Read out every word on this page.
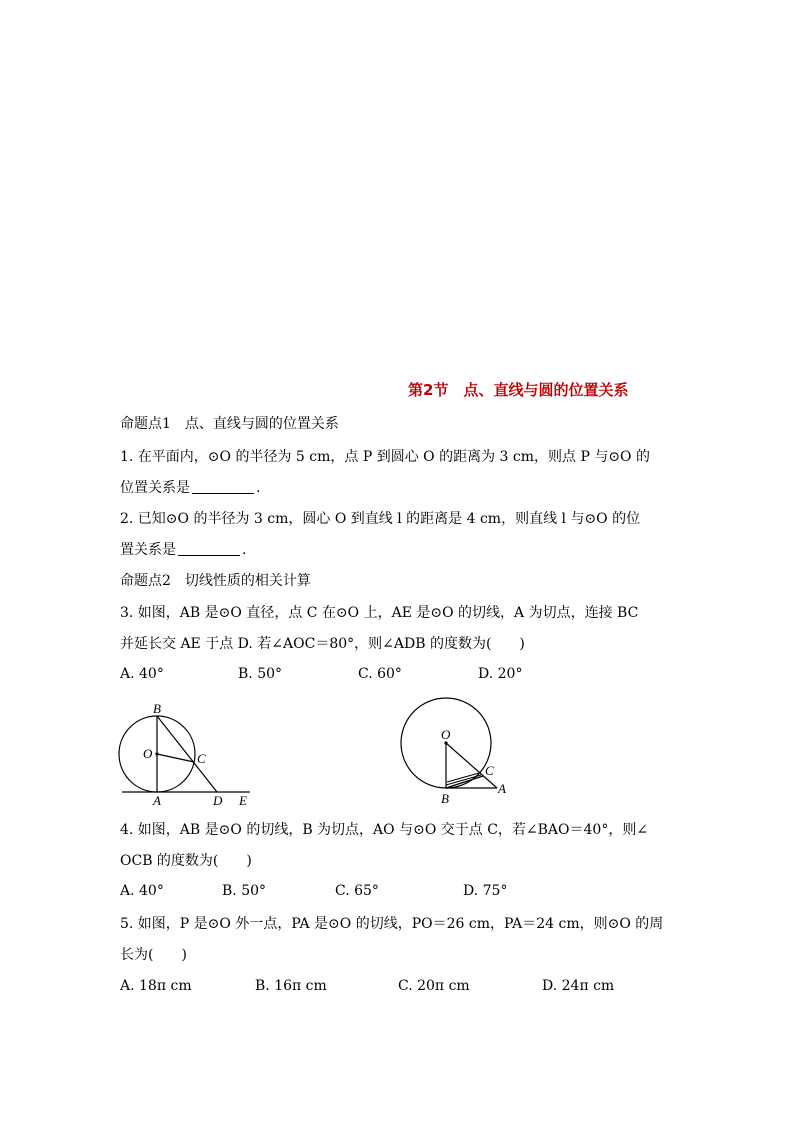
第2节　点、直线与圆的位置关系
命题点1　点、直线与圆的位置关系
1. 在平面内，⊙O 的半径为 5 cm，点 P 到圆心 O 的距离为 3 cm，则点 P 与⊙O 的
位置关系是	.
2. 已知⊙O 的半径为 3 cm，圆心 O 到直线 l 的距离是 4 cm，则直线 l 与⊙O 的位
置关系是	.
命题点2　切线性质的相关计算
3. 如图，AB 是⊙O 直径，点 C 在⊙O 上，AE 是⊙O 的切线，A 为切点，连接 BC
并延长交 AE 于点 D. 若∠AOC＝80°，则∠ADB 的度数为(　　)
A. 40°	B. 50°	C. 60°	D. 20°
B
O	C
A	D E
O
C
B
A
4. 如图，AB 是⊙O 的切线，B 为切点，AO 与⊙O 交于点 C，若∠BAO＝40°，则∠
OCB 的度数为(　　)
A. 40°	B. 50°	C. 65°	D. 75°
5. 如图，P 是⊙O 外一点，PA 是⊙O 的切线，PO＝26 cm，PA＝24 cm，则⊙O 的周
长为(　　)
A. 18π cm	B. 16π cm	C. 20π cm	D. 24π cm
